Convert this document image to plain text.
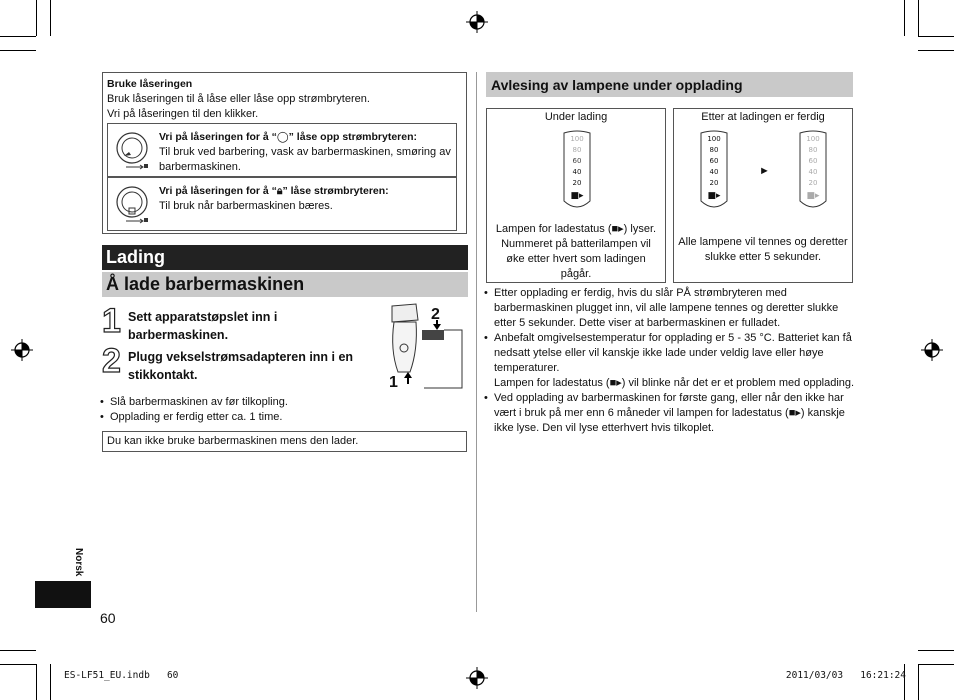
Bruke låseringen
Bruk låseringen til å låse eller låse opp strømbryteren.
Vri på låseringen til den klikker.
Vri på låseringen for å “◯” låse opp strømbryteren:
Til bruk ved barbering, vask av barbermaskinen, smøring av barbermaskinen.
Vri på låseringen for å “🔒︎” låse strømbryteren:
Til bruk når barbermaskinen bæres.
Lading
Å lade barbermaskinen
1 Sett apparatstøpslet inn i barbermaskinen.
2 Plugg vekselstrømsadapteren inn i en stikkontakt.
2
1
• Slå barbermaskinen av før tilkopling.
• Opplading er ferdig etter ca. 1 time.
Du kan ikke bruke barbermaskinen mens den lader.
Avlesing av lampene under opplading
Under lading
100
80
60
40
20
■▸
Lampen for ladestatus (■▸) lyser. Nummeret på batterilampen vil øke etter hvert som ladingen pågår.
Etter at ladingen er ferdig
100
80
60
40
20
■▸
►
100
80
60
40
20
■▸
Alle lampene vil tennes og deretter slukke etter 5 sekunder.
• Etter opplading er ferdig, hvis du slår PÅ strømbryteren med barbermaskinen plugget inn, vil alle lampene tennes og deretter slukke etter 5 sekunder. Dette viser at barbermaskinen er fulladet.
• Anbefalt omgivelsestemperatur for opplading er 5 - 35 °C. Batteriet kan få nedsatt ytelse eller vil kanskje ikke lade under veldig lave eller høye temperaturer.
Lampen for ladestatus (■▸) vil blinke når det er et problem med opplading.
• Ved opplading av barbermaskinen for første gang, eller når den ikke har vært i bruk på mer enn 6 måneder vil lampen for ladestatus (■▸) kanskje ikke lyse. Den vil lyse etterhvert hvis tilkoplet.
Norsk
60
ES-LF51_EU.indb   60	2011/03/03   16:21:24
